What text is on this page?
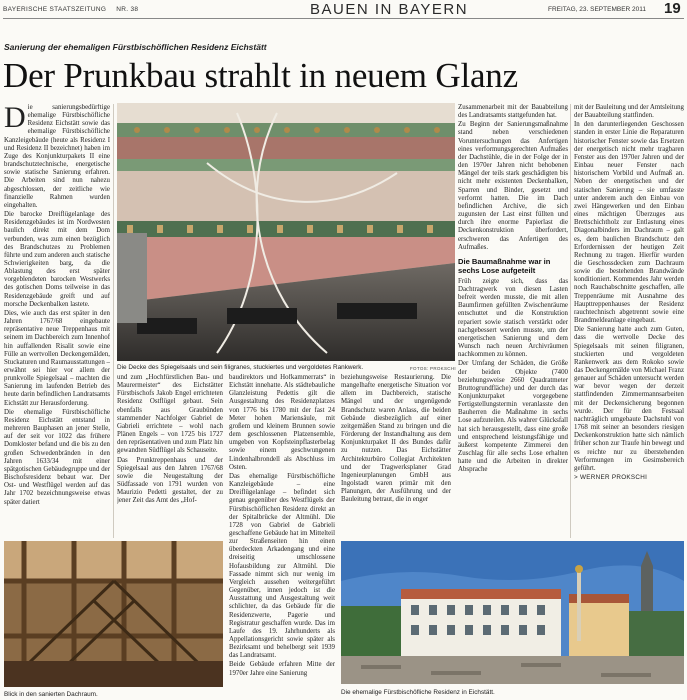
BAYERISCHE STAATSZEITUNG NR. 38	BAUEN IN BAYERN	FREITAG, 23. SEPTEMBER 2011 19
Sanierung der ehemaligen Fürstbischöflichen Residenz Eichstätt
Der Prunkbau strahlt in neuem Glanz

Die sanierungsbedürftige ehemalige Fürstbischöfliche Residenz Eichstätt sowie das ehemalige Fürstbischöfliche Kanzleigebäude (heute als Residenz I und Residenz II bezeichnet) haben im Zuge des Konjunkturpakets II eine brandschutztechnische, energetische sowie statische Sanierung erfahren. Die Arbeiten sind nun nahezu abgeschlossen, der zeitliche wie finanzielle Rahmen wurden eingehalten.

Die barocke Dreiflügelanlage des Residenzgebäudes ist im Nordwesten baulich direkt mit dem Dom verbunden, was zum einen bezüglich des Brandschutzes zu Problemen führte und zum anderen auch statische Schwierigkeiten barg, da die Ablastung des erst später vorgeblendeten barocken Westwerks des gotischen Doms teilweise in das Residenzgebäude greift und auf morsche Deckenbalken lastete.

Dies, wie auch das erst später in den Jahren 1767/68 eingebaute repräsentative neue Treppenhaus mit seinem im Dachbereich zum Innenhof hin auffallenden Risalit sowie eine Fülle an wertvollen Deckengemälden, Stuckaturen und Raumausstattungen – erwähnt sei hier vor allem der prunkvolle Spiegelsaal – machten die Sanierung im laufenden Betrieb des heute darin befindlichen Landratsamts Eichstätt zur Herausforderung.

Die ehemalige Fürstbischöfliche Residenz Eichstätt entstand in mehreren Bauphasen an jener Stelle, auf der seit vor 1022 das frühere Domkloster befand und die bis zu den großen Schwedenbränden in den Jahren 1633/34 mit einer spätgotischen Gebäudegruppe und der Bischofsresidenz bebaut war. Der Ost- und Westflügel werden auf das Jahr 1702 bezeichnungsweise etwas später datiert

Die Decke des Spiegelsaals und sein filigranes, stuckiertes und vergoldetes Rankwerk.	FOTOS: PROKSCHI

und zum „Hochfürstlichen Bau- und Maurermeister“ des Eichstätter Fürstbischofs Jakob Engel errichteten Residenz Ostflügel gebaut. Sein ebenfalls aus Graubünden stammender Nachfolger Gabriel de Gabrieli errichtete – wohl nach Plänen Engels – von 1725 bis 1727 den repräsentativen und zum Platz hin gewandten Südflügel als Schauseite.

Das Prunktreppenhaus und der Spiegelsaal aus den Jahren 1767/68 sowie die Neugestaltung der Südfassade von 1791 wurden von Maurizio Pedetti gestaltet, der zu jener Zeit das Amt des „Hof-

baudirektors und Hofkammerrats“ in Eichstätt innehatte. Als städtebauliche Glanzleistung Pedettis gilt die Ausgestaltung des Residenzplatzes von 1776 bis 1780 mit der fast 24 Meter hohen Mariensäule, mit großem und kleinem Brunnen sowie dem geschlossenen Platzensemble, umgeben von Kopfsteinpflasterbelag sowie einem geschwungenen Lindenhalbrondell als Abschluss im Osten.

Das ehemalige Fürstbischöfliche Kanzleigebäude – eine Dreiflügelanlage – befindet sich genau gegenüber des Westflügels der Fürstbischöflichen Residenz direkt an der Spitalbrücke der Altmühl. Die 1728 von Gabriel de Gabrieli geschaffene Gebäude hat im Mittelteil zur Straßenseiten hin einen überdeckten Arkadengang und eine dreiseitig umschlossene Hofausbildung zur Altmühl. Die Fassade nimmt sich nur wenig im Vergleich aussehen weitergeführt Gegenüber, innen jedoch ist die Ausstattung und Ausgestaltung weit schlichter, da das Gebäude für die Residenzwerte, Pagerie und Registratur geschaffen wurde. Das im Laufe des 19. Jahrhunderts als Appellationsgericht sowie später als Bezirksamt und behelbergt seit 1939 das Landratsamt.

Beide Gebäude erfahren Mitte der 1970er Jahre eine Sanierung

beziehungsweise Restaurierung. Die mangelhafte energetische Situation vor allem im Dachbereich, statische Mängel und der ungenügende Brandschutz waren Anlass, die beiden Gebäude diesbezüglich auf einer zeitgemäßen Stand zu bringen und die Förderung der Instandhaltung aus dem Konjunkturpaket II des Bundes dafür zu nutzen. Das Eichstätter Architekturbüro Collegiat Architekten und der Tragwerksplaner Grad Ingenieurplanungen GmbH aus Ingolstadt waren primär mit den Planungen, der Ausführung und der Bauleitung betraut, die in enger

Blick in den sanierten Dachraum.	Die ehemalige Fürstbischöfliche Residenz in Eichstätt.

Zusammenarbeit mit der Bauabteilung des Landratsamts stattgefunden hat.

Zu Beginn der Sanierungsmaßnahme stand neben verschiedenen Voruntersuchungen das Anfertigen eines verformungsgerechten Aufmaßes der Dachstühle, die in der Folge der in den 1970er Jahren nicht behobenen Mängel der teils stark geschädigten bis nicht mehr existenten Deckenbalken, Sparren und Binder, gesetzt und verformt hatten. Die im Dach befindlichen Archive, die sich zugunsten der Last einst füllten und durch ihre enorme Papierlast die Deckenkonstruktion überfordert, erschweren das Anfertigen des Aufmaßes.

Die Baumaßnahme war in sechs Lose aufgeteilt

Früh zeigte sich, dass das Dachtragwerk von diesen Lasten befreit werden musste, die mit allen Baumfirmen gefüllten Zwischenräume entschuttet und die Konstruktion repariert sowie statisch verstärkt oder nachgebessert werden musste, um der energetischen Sanierung und dem Wunsch nach neuen Archivräumen nachkommen zu können.

Der Umfang der Schäden, die Größe der beiden Objekte (7400 beziehungsweise 2660 Quadratmeter Bruttogrundfläche) und der durch das Konjunkturpaket vorgegebene Fertigstellungstermin veranlasste den Bauherren die Maßnahme in sechs Lose aufzuteilen. Als wahrer Glücksfall hat sich herausgestellt, dass eine große und entsprechend leistungsfähige und äußerst kompetente Zimmerei den Zuschlag für alle sechs Lose erhalten hatte und die Arbeiten in direkter Absprache

mit der Bauleitung und der Amtsleitung der Bauabteilung stattfinden.

In den darunterliegenden Geschossen standen in erster Linie die Reparaturen historischer Fenster sowie das Ersetzen der energetisch nicht mehr tragbaren Fenster aus den 1970er Jahren und der Einbau neuer Fenster nach historischem Vorbild und Aufmaß an. Neben der energetischen und der statischen Sanierung – sie umfasste unter anderem auch den Einbau von zwei Hängewerken und den Einbau eines mächtigen Überzuges aus Brettschichtholz zur Entlastung eines Diagonalbinders im Dachraum – galt es, dem baulichen Brandschutz den Erfordernissen der heutigen Zeit Rechnung zu tragen. Hierfür wurden die Geschossdecken zum Dachraum sowie die bestehenden Brandwände konditioniert. Kommendes Jahr werden noch Rauchabschnitte geschaffen, alle Treppenräume mit Ausnahme des Haupttreppenhauses der Residenz rauchtechnisch abgetrennt sowie eine Brandmeldeanlage eingebaut.

Die Sanierung hatte auch zum Guten, dass die wertvolle Decke des Spiegelsaals mit seinen filigranen, stuckierten und vergoldeten Rankenwerk aus dem Rokoko sowie das Deckengemälde von Michael Franz genauer auf Schäden untersucht werden war bevor wegen der derzeit stattfindenden Zimmermannsarbeiten mit der Deckensicherung begonnen wurde. Der für den Festsaal nachträglich umgebaute Dachstuhl von 1768 mit seiner an besonders riesigen Deckenkonstruktion hatte sich nämlich früher schon zur Traufe hin bewegt und es reichte nur zu überstehenden Verformungen im Gesimsbereich geführt.

> WERNER PROKSCHI
